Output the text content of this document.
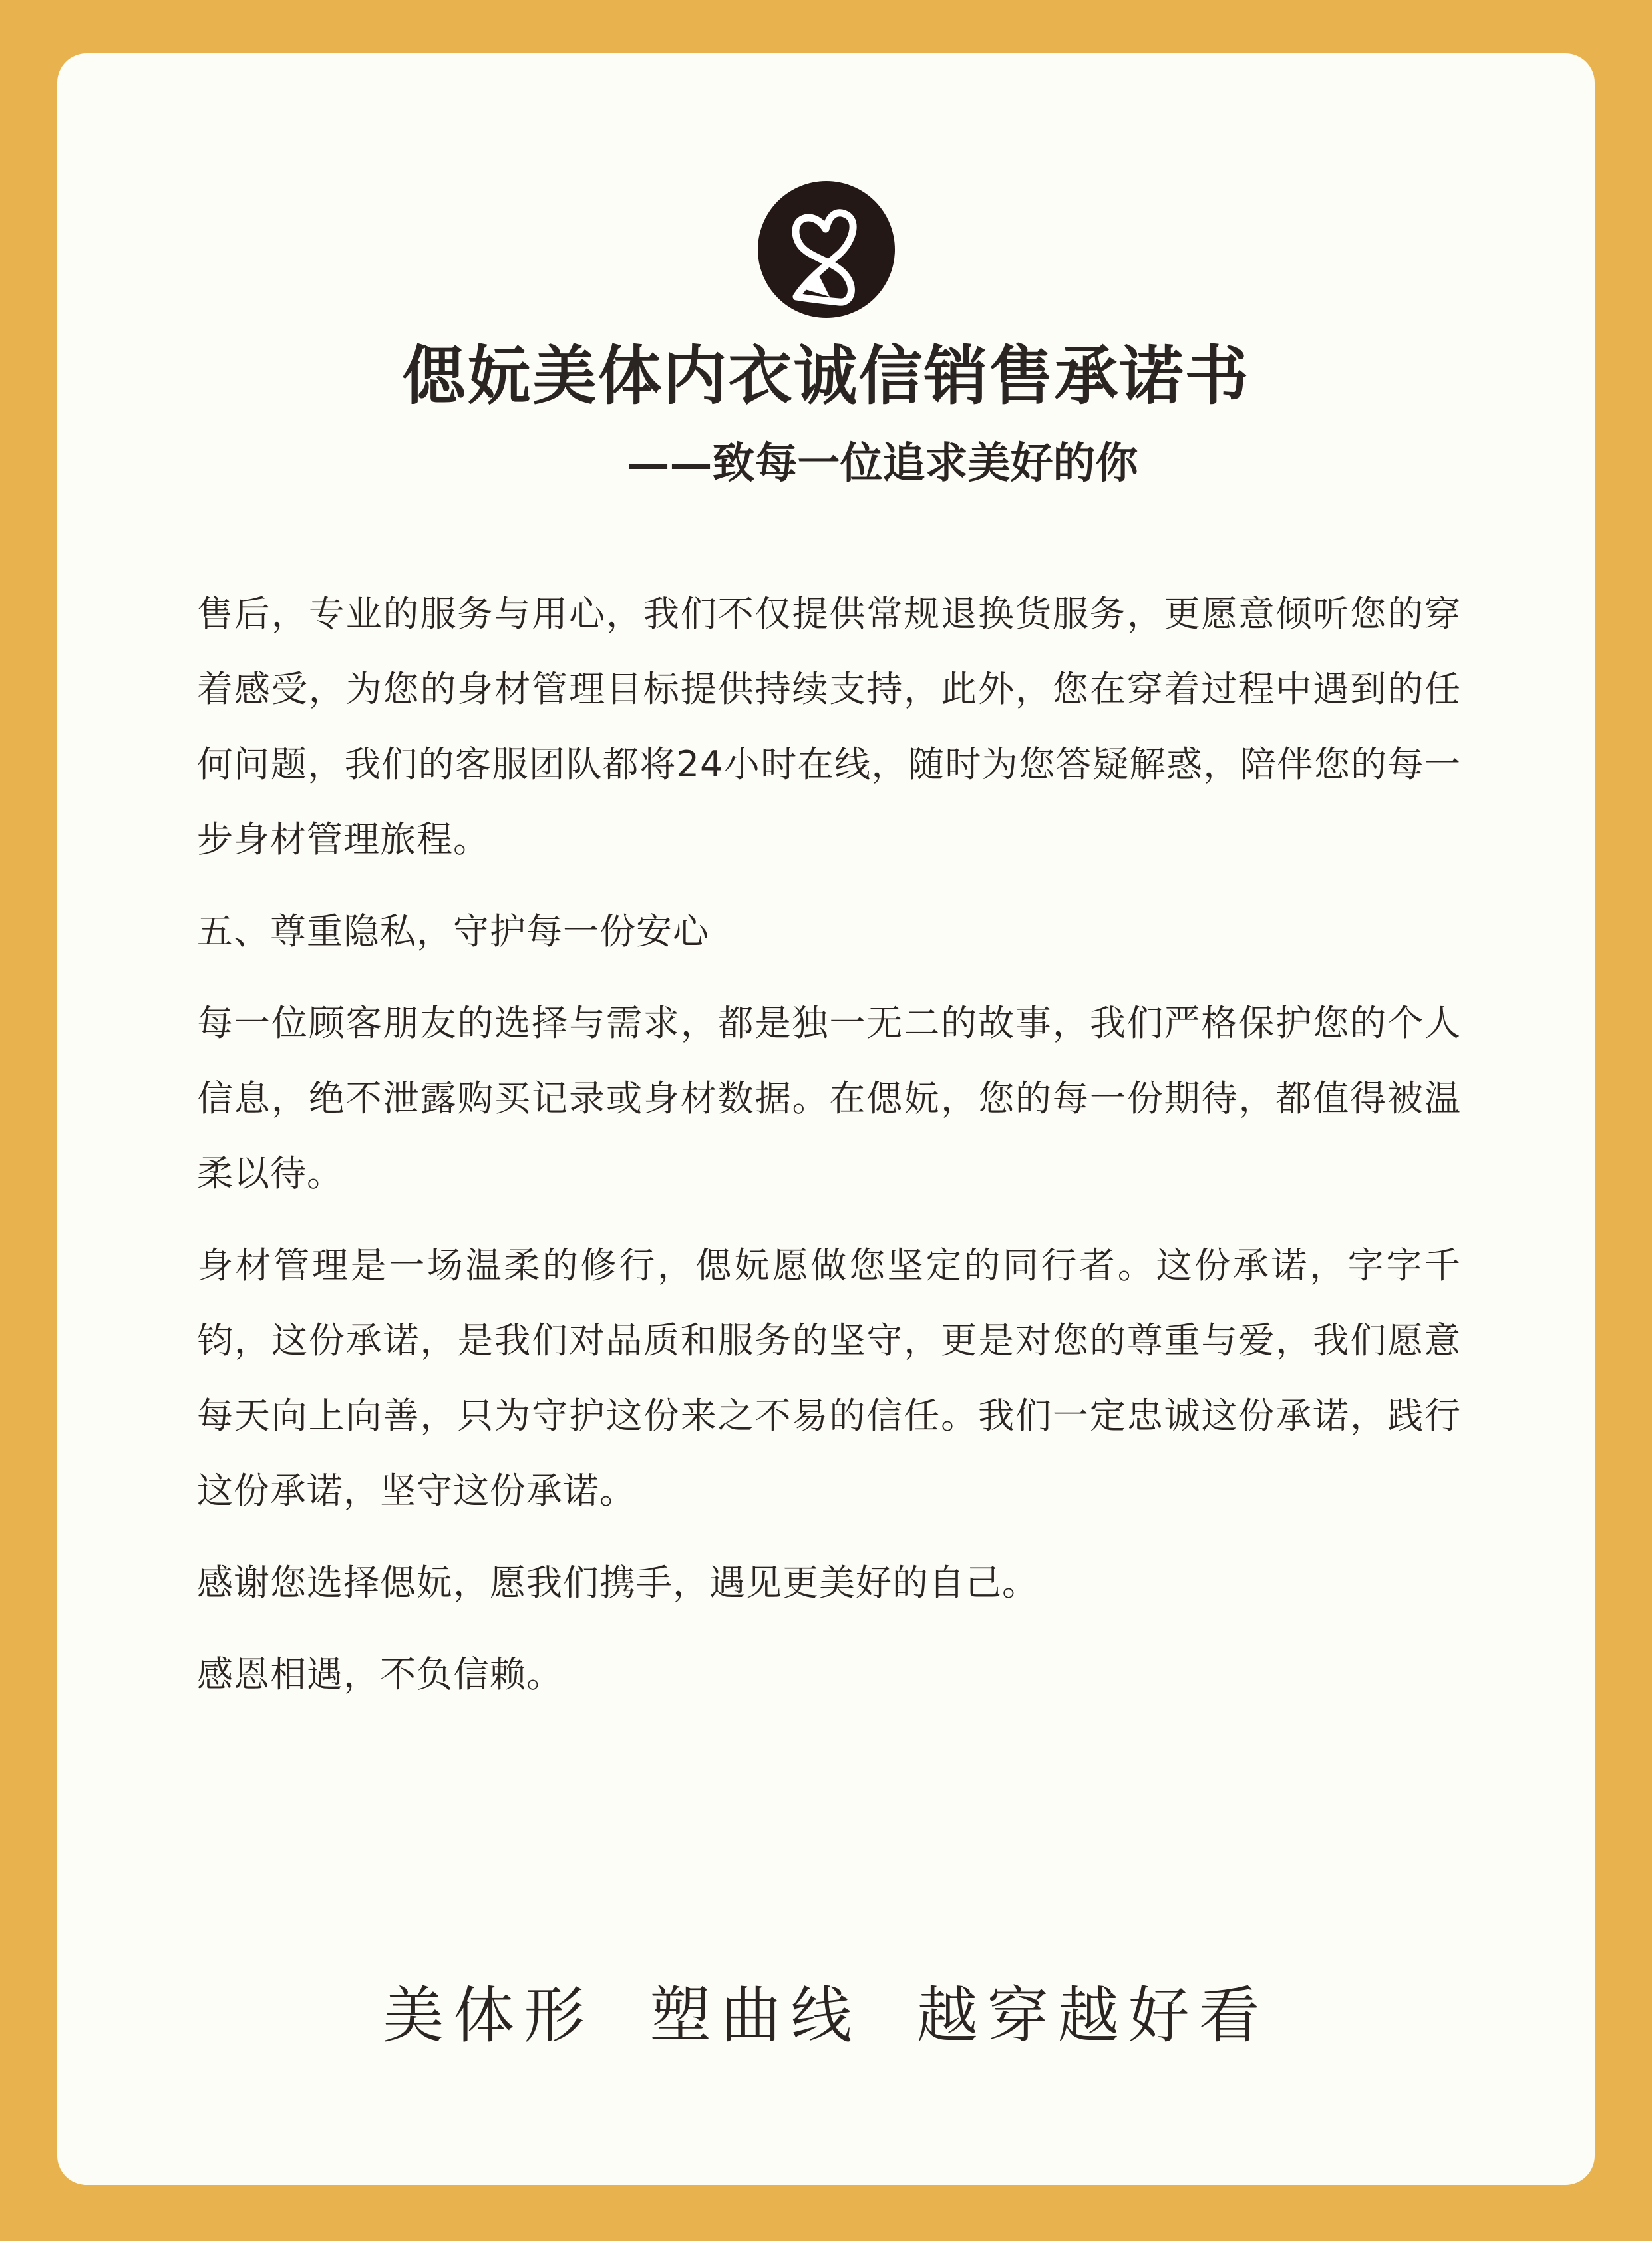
偲妧美体内衣诚信销售承诺书
——致每一位追求美好的你

售后，专业的服务与用心，我们不仅提供常规退换货服务，更愿意倾听您的穿着感受，为您的身材管理目标提供持续支持，此外，您在穿着过程中遇到的任何问题，我们的客服团队都将24小时在线，随时为您答疑解惑，陪伴您的每一步身材管理旅程。

五、尊重隐私，守护每一份安心

每一位顾客朋友的选择与需求，都是独一无二的故事，我们严格保护您的个人信息，绝不泄露购买记录或身材数据。在偲妧，您的每一份期待，都值得被温柔以待。

身材管理是一场温柔的修行，偲妧愿做您坚定的同行者。这份承诺，字字千钧，这份承诺，是我们对品质和服务的坚守，更是对您的尊重与爱，我们愿意每天向上向善，只为守护这份来之不易的信任。我们一定忠诚这份承诺，践行这份承诺，坚守这份承诺。

感谢您选择偲妧，愿我们携手，遇见更美好的自己。

感恩相遇，不负信赖。

美体形 塑曲线 越穿越好看
